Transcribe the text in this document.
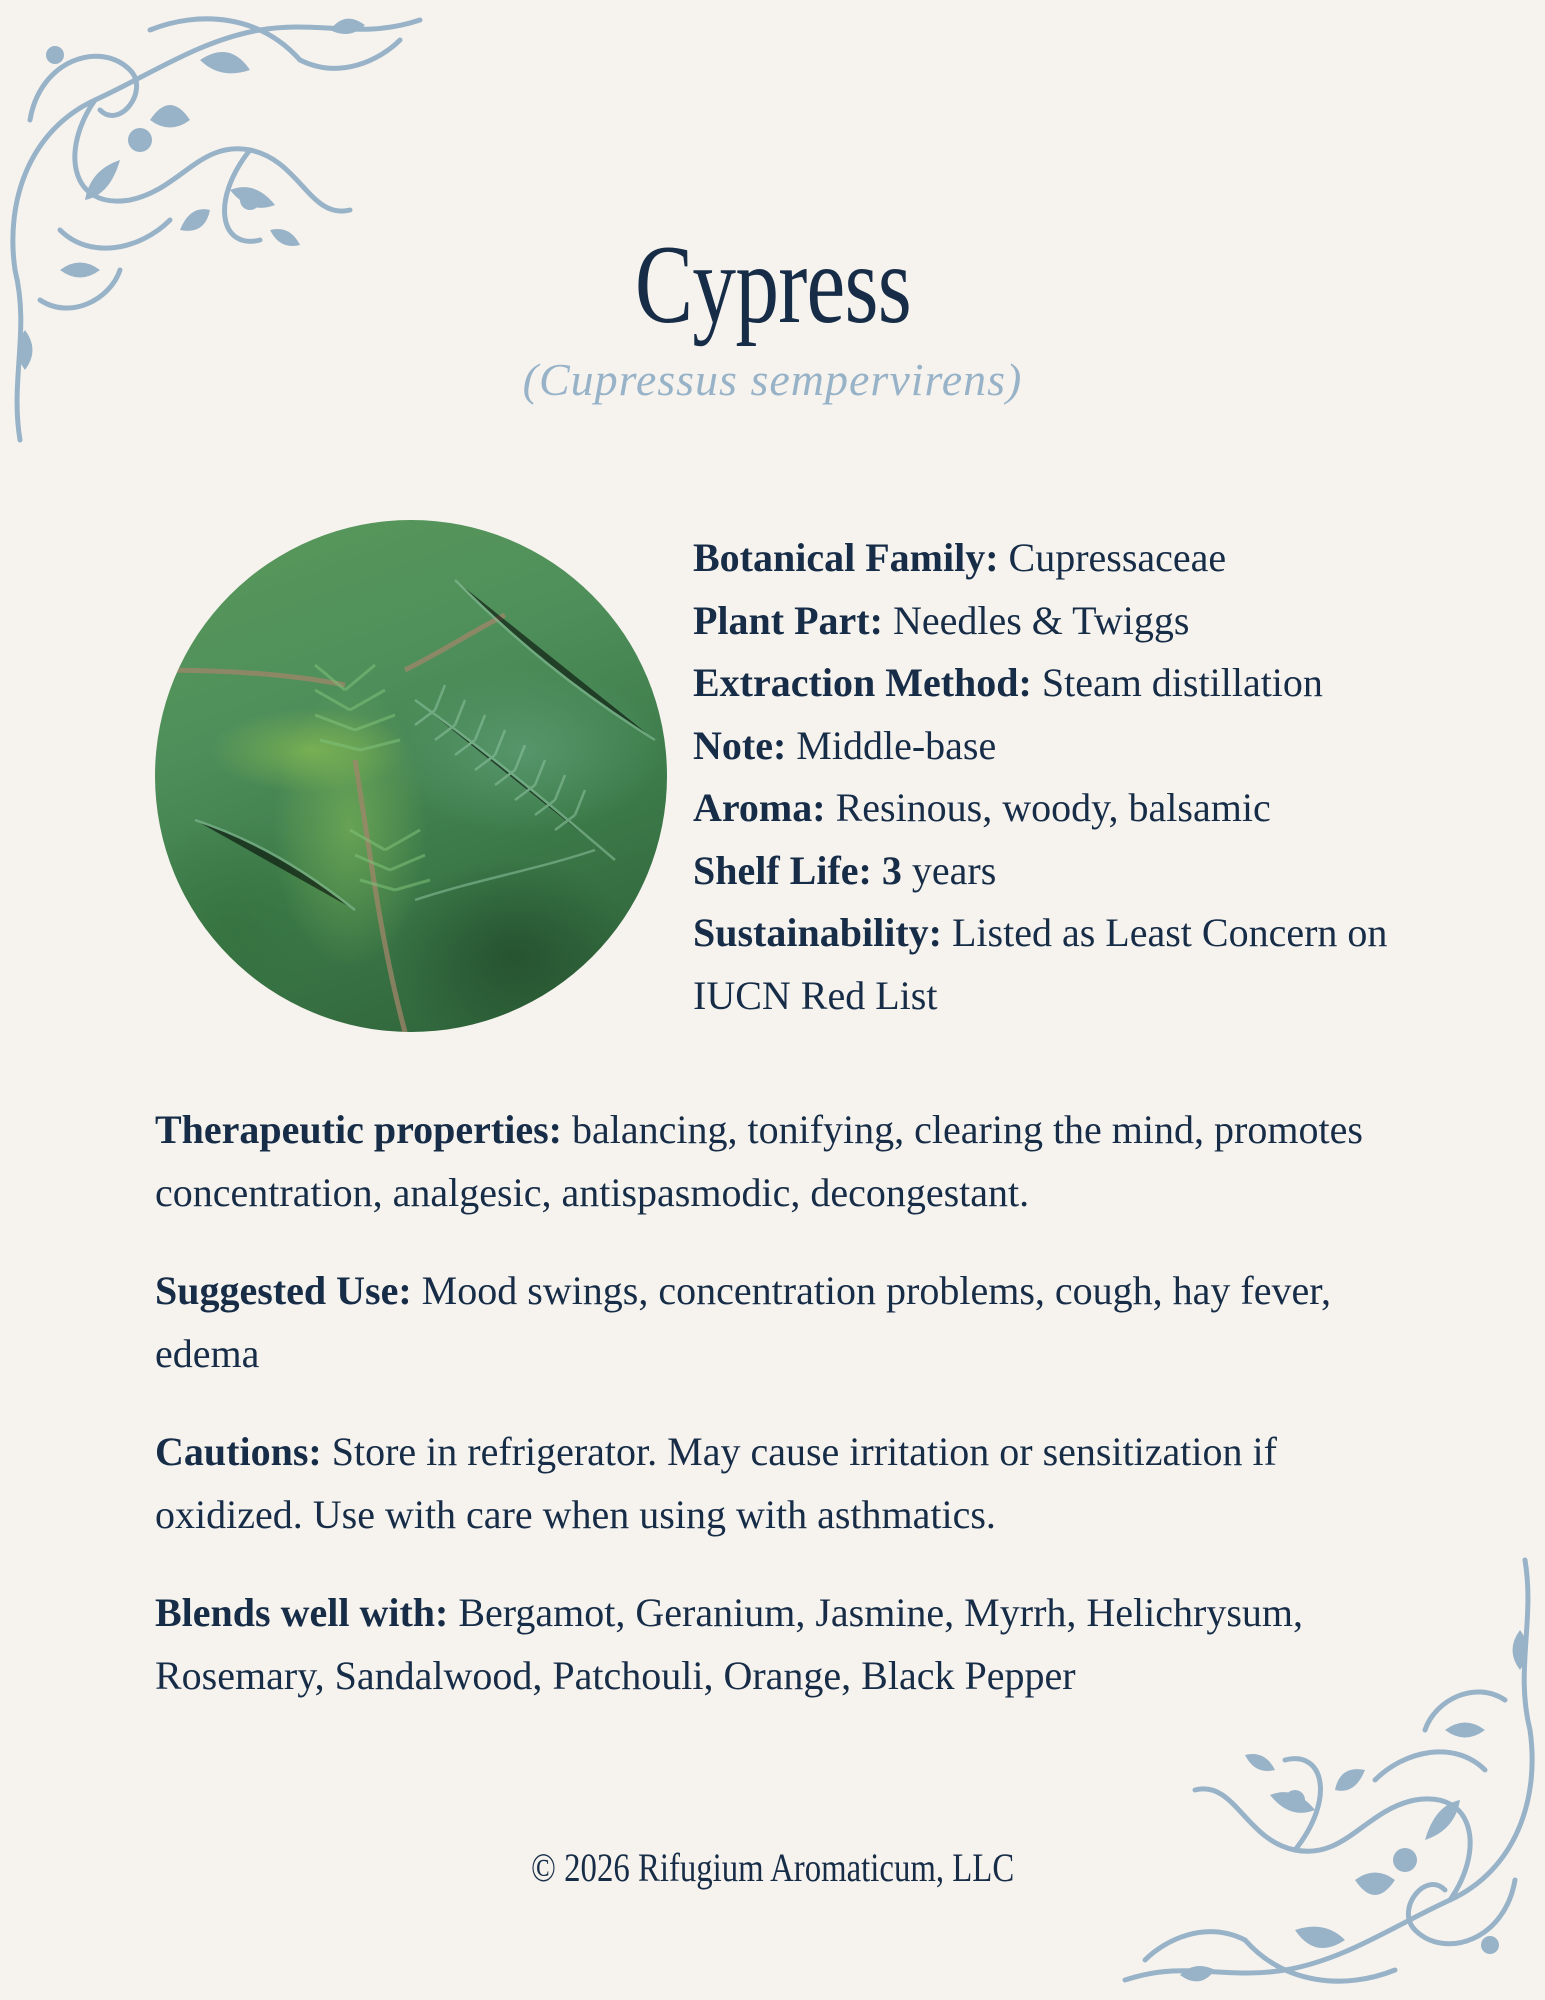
Cypress
(Cupressus sempervirens)
Botanical Family: Cupressaceae
Plant Part: Needles & Twiggs
Extraction Method: Steam distillation
Note: Middle-base
Aroma: Resinous, woody, balsamic
Shelf Life: 3 years
Sustainability: Listed as Least Concern on IUCN Red List

Therapeutic properties: balancing, tonifying, clearing the mind, promotes concentration, analgesic, antispasmodic, decongestant.

Suggested Use: Mood swings, concentration problems, cough, hay fever, edema

Cautions: Store in refrigerator. May cause irritation or sensitization if oxidized. Use with care when using with asthmatics.

Blends well with: Bergamot, Geranium, Jasmine, Myrrh, Helichrysum, Rosemary, Sandalwood, Patchouli, Orange, Black Pepper

© 2026 Rifugium Aromaticum, LLC
